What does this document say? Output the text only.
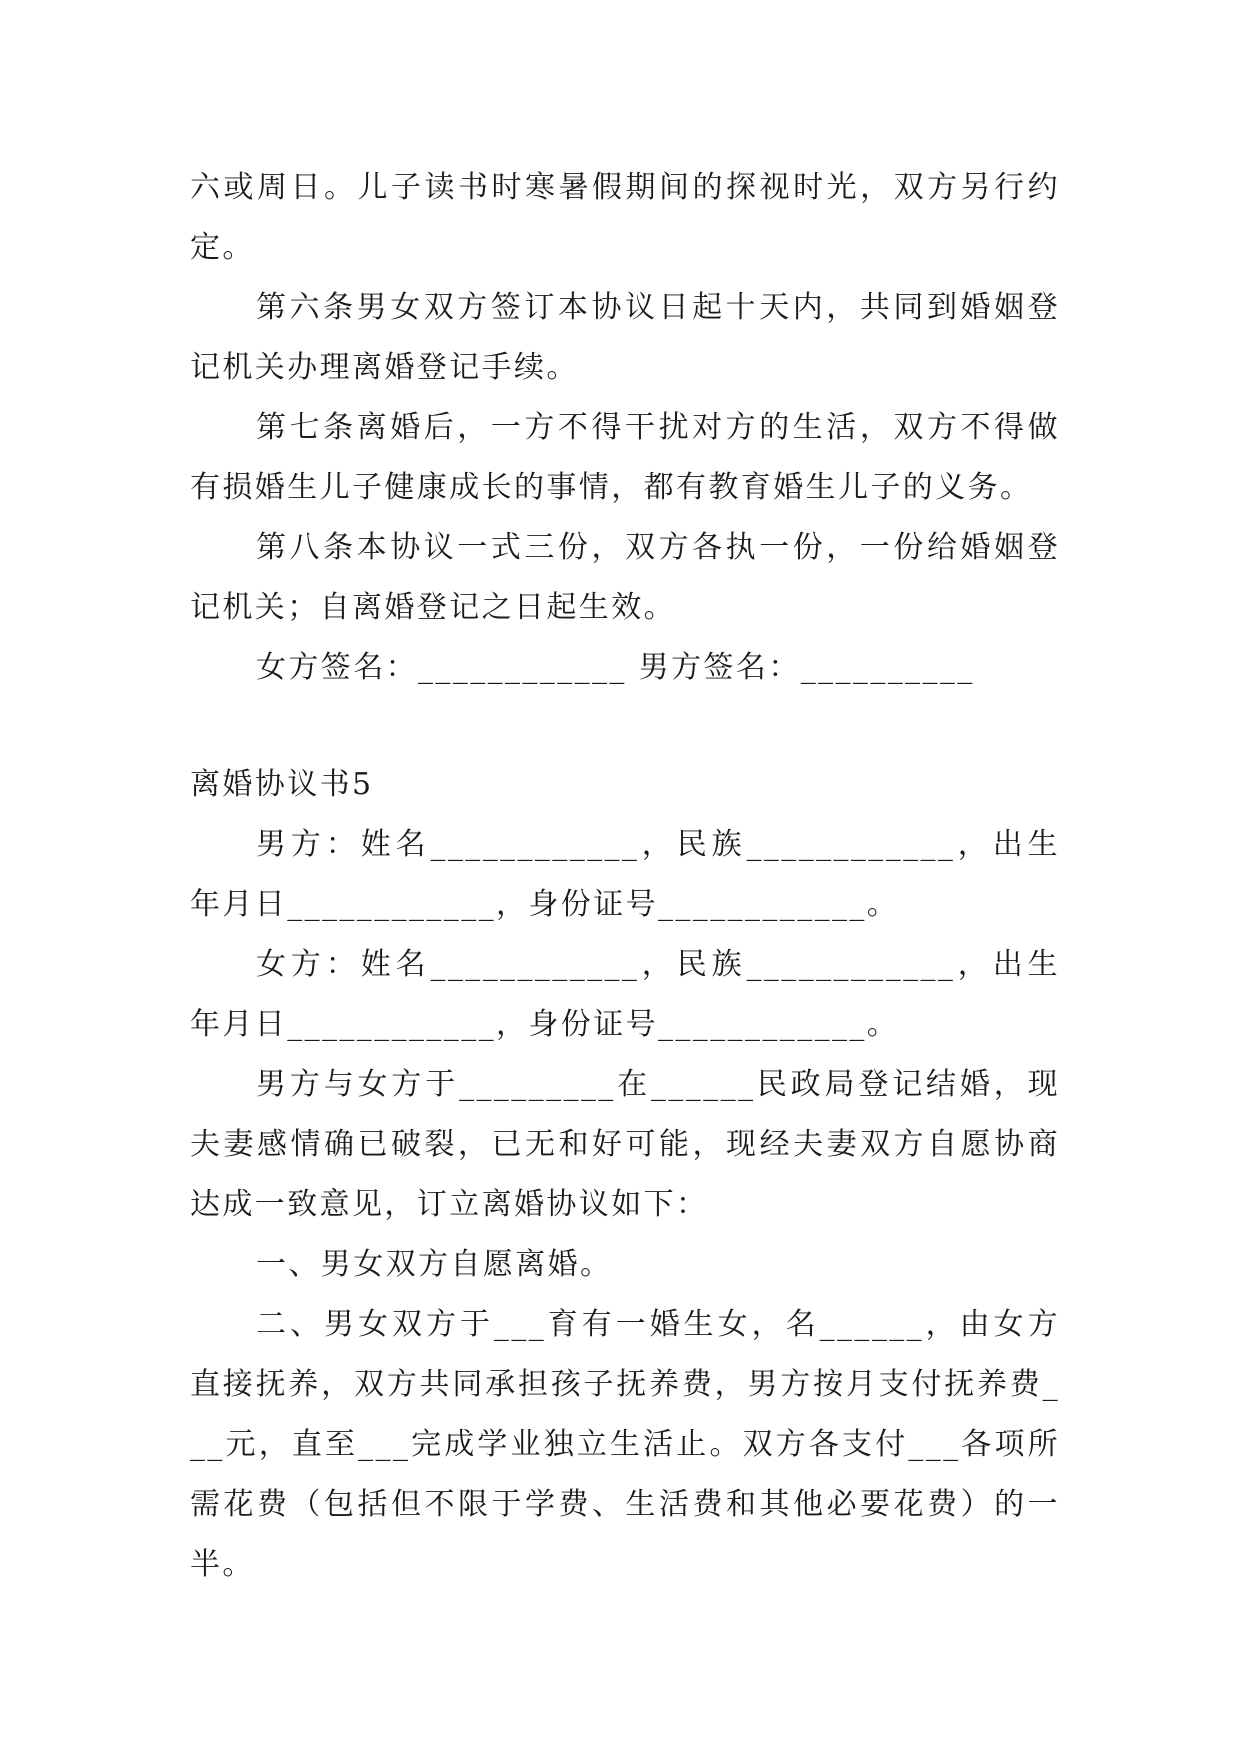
六或周日。儿子读书时寒暑假期间的探视时光，双方另行约定。

第六条男女双方签订本协议日起十天内，共同到婚姻登记机关办理离婚登记手续。

第七条离婚后，一方不得干扰对方的生活，双方不得做有损婚生儿子健康成长的事情，都有教育婚生儿子的义务。

第八条本协议一式三份，双方各执一份，一份给婚姻登记机关；自离婚登记之日起生效。

女方签名：____________ 男方签名：__________

离婚协议书5

男方：姓名____________，民族____________，出生年月日____________，身份证号____________。

女方：姓名____________，民族____________，出生年月日____________，身份证号____________。

男方与女方于_________在______民政局登记结婚，现夫妻感情确已破裂，已无和好可能，现经夫妻双方自愿协商达成一致意见，订立离婚协议如下：

一、男女双方自愿离婚。

二、男女双方于___育有一婚生女，名______，由女方直接抚养，双方共同承担孩子抚养费，男方按月支付抚养费___元，直至___完成学业独立生活止。双方各支付___各项所需花费（包括但不限于学费、生活费和其他必要花费）的一半。
